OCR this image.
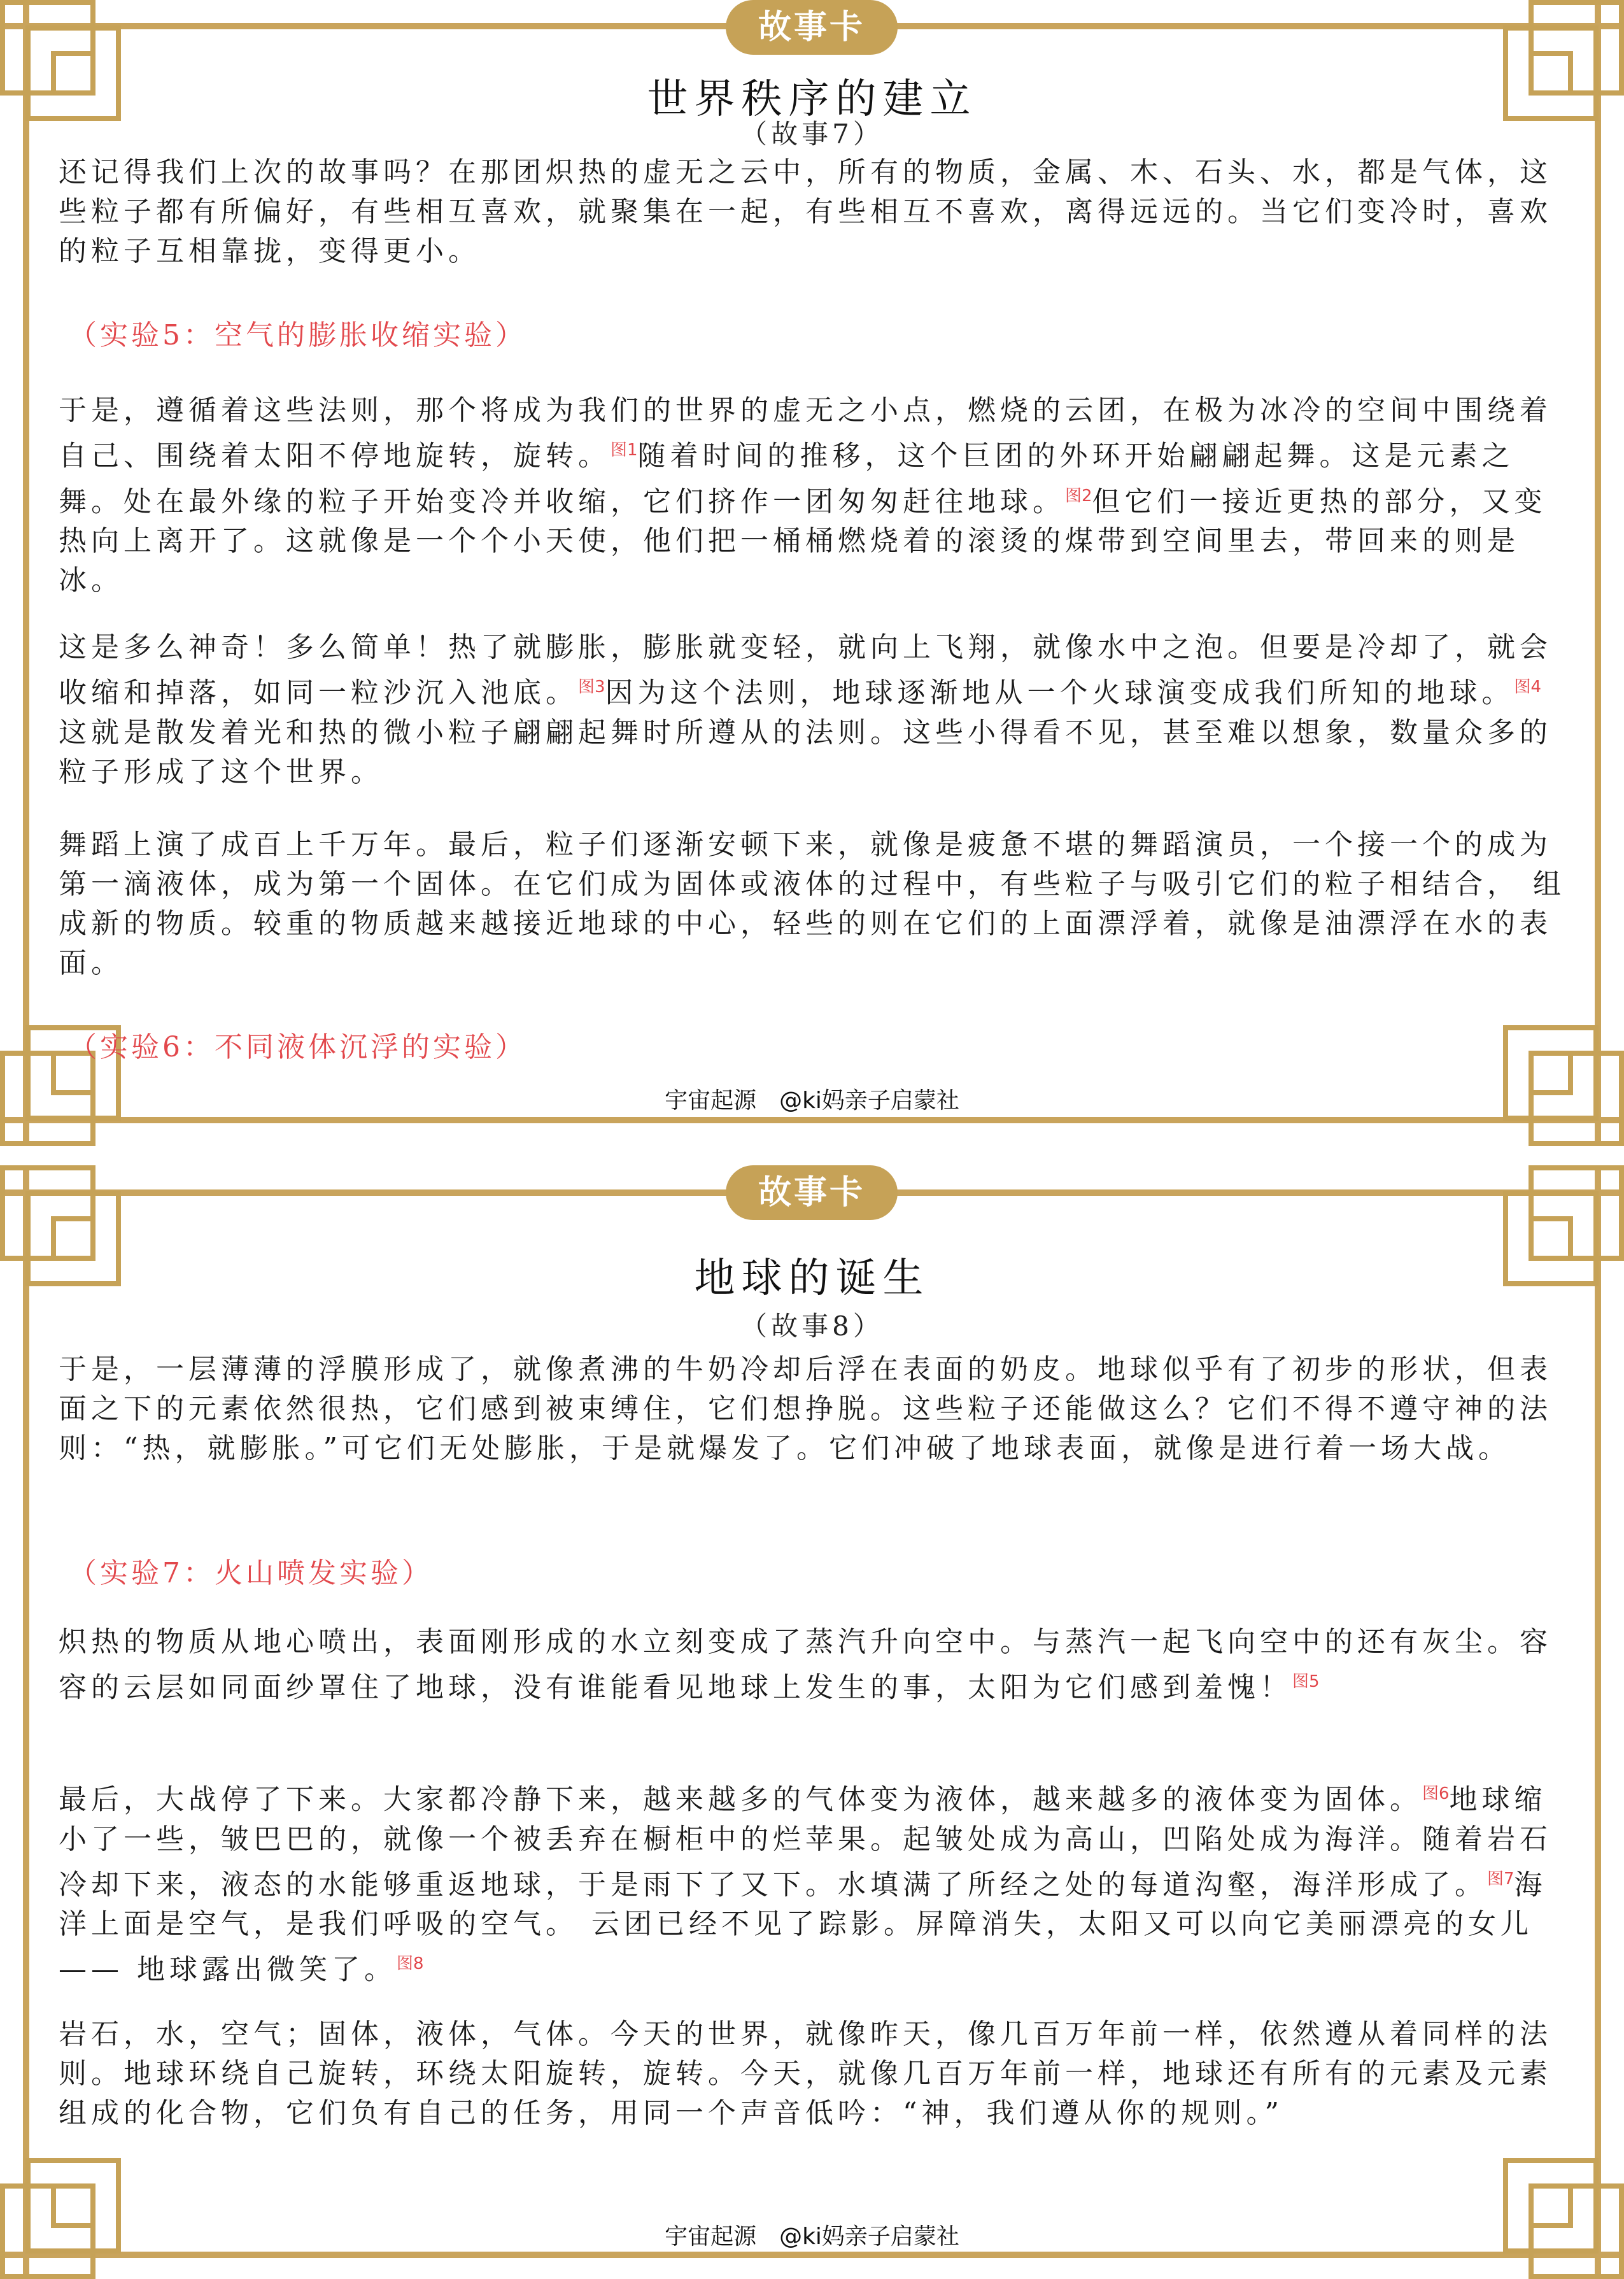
故事卡
世界秩序的建立
（故事7）
还记得我们上次的故事吗？在那团炽热的虚无之云中，所有的物质，金属、木、石头、水，都是气体，这些粒子都有所偏好，有些相互喜欢，就聚集在一起，有些相互不喜欢，离得远远的。当它们变冷时，喜欢的粒子互相靠拢，变得更小。
（实验5：空气的膨胀收缩实验）
于是，遵循着这些法则，那个将成为我们的世界的虚无之小点，燃烧的云团，在极为冰冷的空间中围绕着自己、围绕着太阳不停地旋转，旋转。$^{图1}$随着时间的推移，这个巨团的外环开始翩翩起舞。这是元素之舞。处在最外缘的粒子开始变冷并收缩，它们挤作一团匆匆赶往地球。$^{图2}$但它们一接近更热的部分，又变热向上离开了。这就像是一个个小天使，他们把一桶桶燃烧着的滚烫的煤带到空间里去，带回来的则是冰。
这是多么神奇！多么简单！热了就膨胀，膨胀就变轻，就向上飞翔，就像水中之泡。但要是冷却了，就会收缩和掉落，如同一粒沙沉入池底。$^{图3}$因为这个法则，地球逐渐地从一个火球演变成我们所知的地球。$^{图4}$ 这就是散发着光和热的微小粒子翩翩起舞时所遵从的法则。这些小得看不见，甚至难以想象，数量众多的粒子形成了这个世界。
舞蹈上演了成百上千万年。最后，粒子们逐渐安顿下来，就像是疲惫不堪的舞蹈演员，一个接一个的成为第一滴液体，成为第一个固体。在它们成为固体或液体的过程中，有些粒子与吸引它们的粒子相结合， 组成新的物质。较重的物质越来越接近地球的中心，轻些的则在它们的上面漂浮着，就像是油漂浮在水的表面。
（实验6：不同液体沉浮的实验）
宇宙起源　@ki妈亲子启蒙社
故事卡
地球的诞生
（故事8）
于是，一层薄薄的浮膜形成了，就像煮沸的牛奶冷却后浮在表面的奶皮。地球似乎有了初步的形状，但表面之下的元素依然很热，它们感到被束缚住，它们想挣脱。这些粒子还能做这么？它们不得不遵守神的法则：“热，就膨胀。”可它们无处膨胀，于是就爆发了。它们冲破了地球表面，就像是进行着一场大战。
（实验7：火山喷发实验）
炽热的物质从地心喷出，表面刚形成的水立刻变成了蒸汽升向空中。与蒸汽一起飞向空中的还有灰尘。容容的云层如同面纱罩住了地球，没有谁能看见地球上发生的事，太阳为它们感到羞愧！$^{图5}$
最后，大战停了下来。大家都冷静下来，越来越多的气体变为液体，越来越多的液体变为固体。$^{图6}$地球缩小了一些，皱巴巴的，就像一个被丢弃在橱柜中的烂苹果。起皱处成为高山，凹陷处成为海洋。随着岩石冷却下来，液态的水能够重返地球，于是雨下了又下。水填满了所经之处的每道沟壑，海洋形成了。$^{图7}$海洋上面是空气，是我们呼吸的空气。 云团已经不见了踪影。屏障消失，太阳又可以向它美丽漂亮的女儿 —— 地球露出微笑了。$^{图8}$
岩石，水，空气；固体，液体，气体。今天的世界，就像昨天，像几百万年前一样，依然遵从着同样的法则。地球环绕自己旋转，环绕太阳旋转，旋转。今天，就像几百万年前一样，地球还有所有的元素及元素组成的化合物，它们负有自己的任务，用同一个声音低吟：“神，我们遵从你的规则。”
宇宙起源　@ki妈亲子启蒙社
